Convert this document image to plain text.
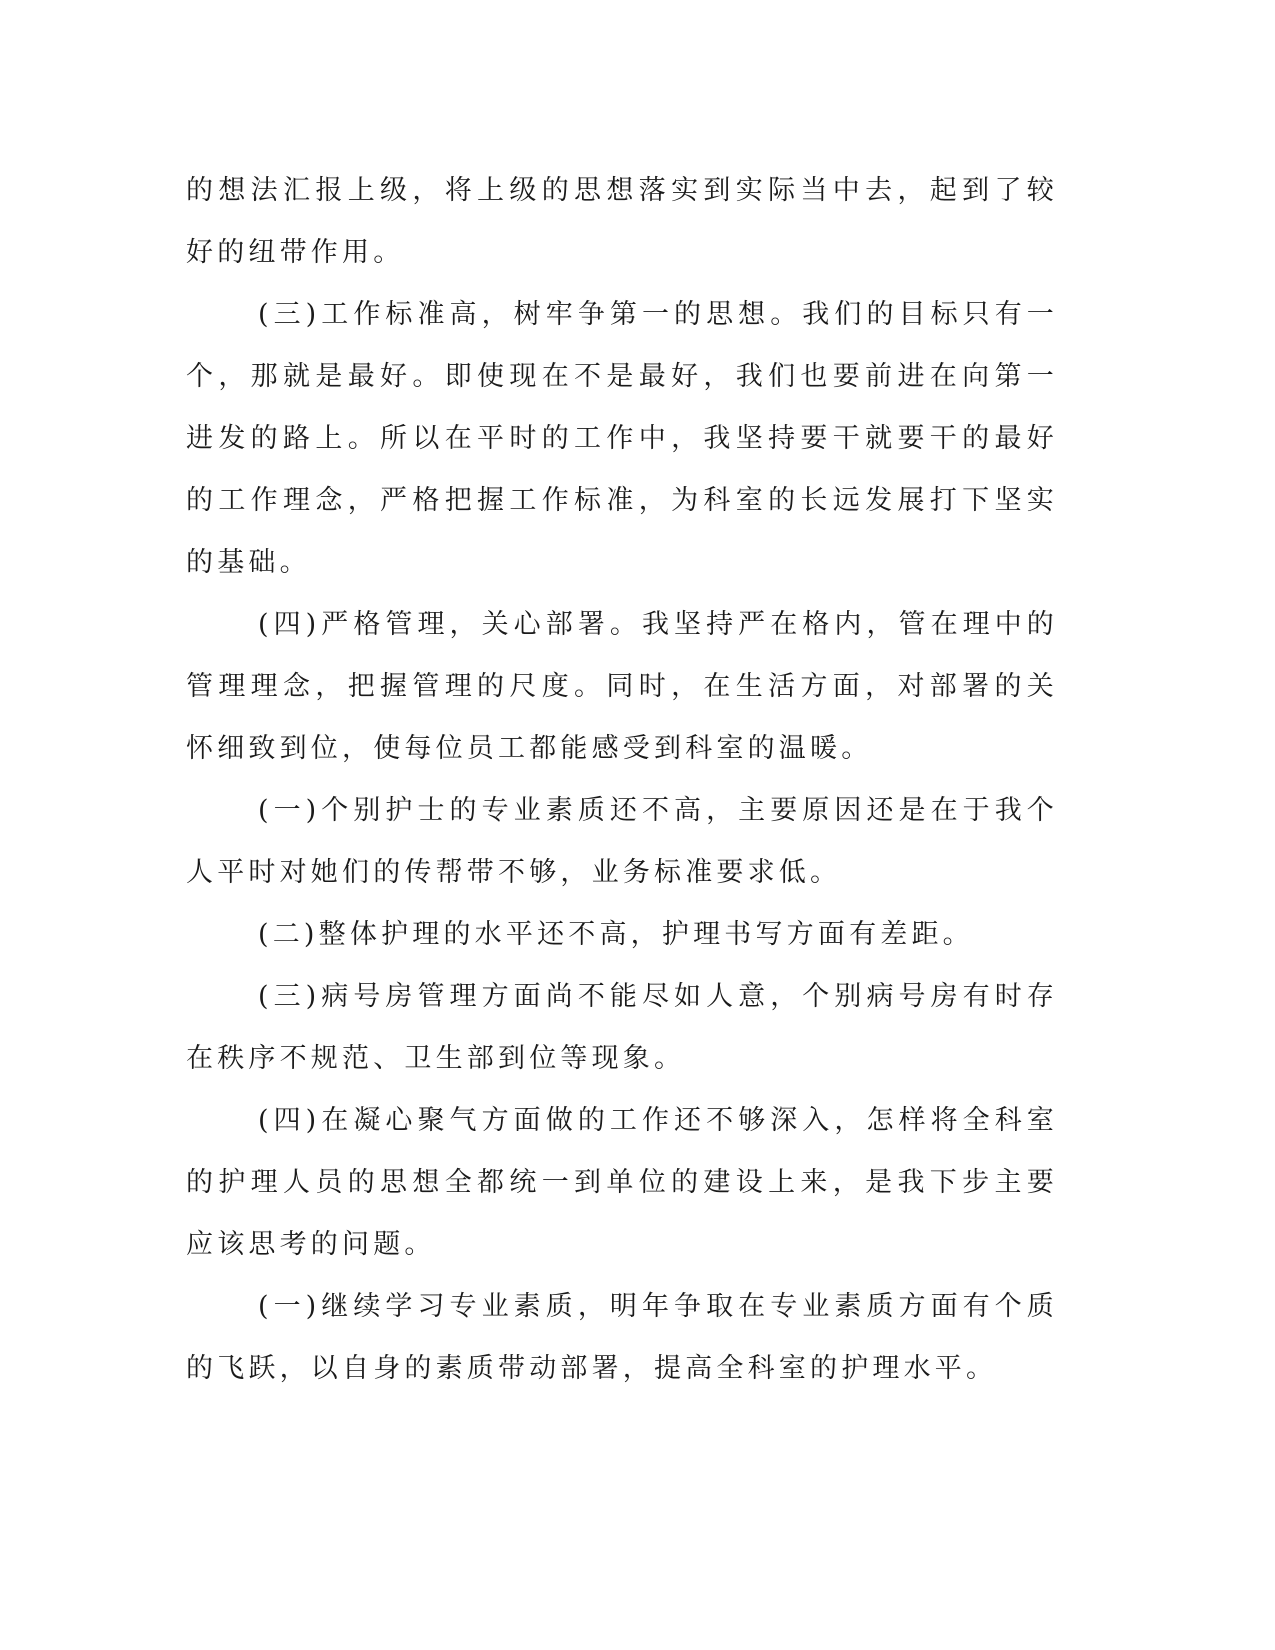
的想法汇报上级，将上级的思想落实到实际当中去，起到了较好的纽带作用。

(三)工作标准高，树牢争第一的思想。我们的目标只有一个，那就是最好。即使现在不是最好，我们也要前进在向第一进发的路上。所以在平时的工作中，我坚持要干就要干的最好的工作理念，严格把握工作标准，为科室的长远发展打下坚实的基础。

(四)严格管理，关心部署。我坚持严在格内，管在理中的管理理念，把握管理的尺度。同时，在生活方面，对部署的关怀细致到位，使每位员工都能感受到科室的温暖。

(一)个别护士的专业素质还不高，主要原因还是在于我个人平时对她们的传帮带不够，业务标准要求低。

(二)整体护理的水平还不高，护理书写方面有差距。

(三)病号房管理方面尚不能尽如人意，个别病号房有时存在秩序不规范、卫生部到位等现象。

(四)在凝心聚气方面做的工作还不够深入，怎样将全科室的护理人员的思想全都统一到单位的建设上来，是我下步主要应该思考的问题。

(一)继续学习专业素质，明年争取在专业素质方面有个质的飞跃，以自身的素质带动部署，提高全科室的护理水平。
